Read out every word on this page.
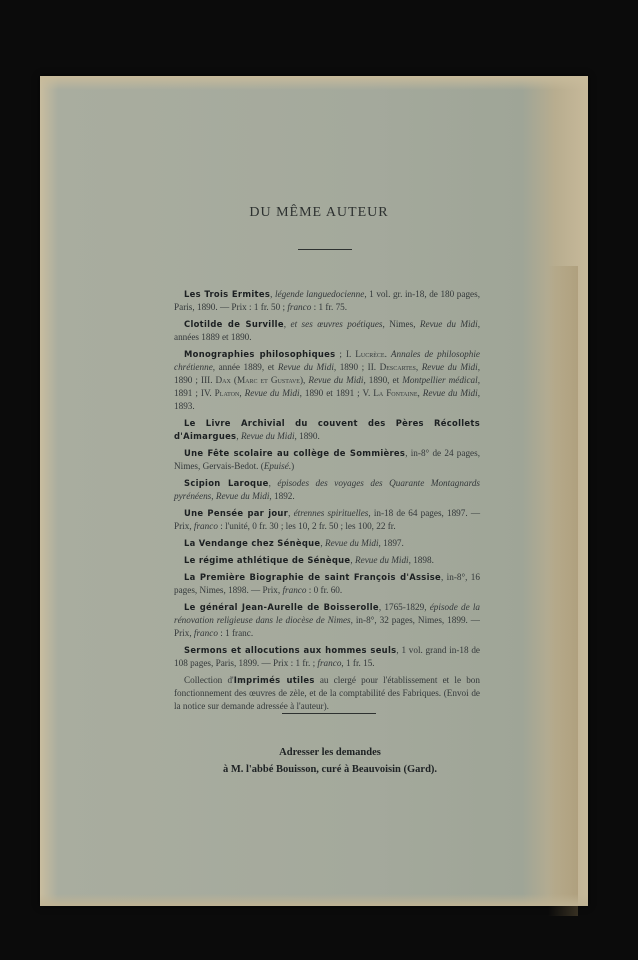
DU MÊME AUTEUR

Les Trois Ermites, légende languedocienne, 1 vol. gr. in-18, de 180 pages, Paris, 1890. — Prix : 1 fr. 50 ; franco : 1 fr. 75.

Clotilde de Surville, et ses œuvres poétiques, Nimes, Revue du Midi, années 1889 et 1890.

Monographies philosophiques ; I. Lucrèce. Annales de philosophie chrétienne, année 1889, et Revue du Midi, 1890 ; II. Descartes, Revue du Midi, 1890 ; III. Dax (Marc et Gustave), Revue du Midi, 1890, et Montpellier médical, 1891 ; IV. Platon, Revue du Midi, 1890 et 1891 ; V. La Fontaine, Revue du Midi, 1893.

Le Livre Archivial du couvent des Pères Récollets d'Aimargues, Revue du Midi, 1890.

Une Fête scolaire au collège de Sommières, in-8° de 24 pages, Nimes, Gervais-Bedot. (Epuisé.)

Scipion Laroque, épisodes des voyages des Quarante Montagnards pyrénéens, Revue du Midi, 1892.

Une Pensée par jour, étrennes spirituelles, in-18 de 64 pages, 1897. — Prix, franco : l'unité, 0 fr. 30 ; les 10, 2 fr. 50 ; les 100, 22 fr.

La Vendange chez Sénèque, Revue du Midi, 1897.

Le régime athlétique de Sénèque, Revue du Midi, 1898.

La Première Biographie de saint François d'Assise, in-8°, 16 pages, Nimes, 1898. — Prix, franco : 0 fr. 60.

Le général Jean-Aurelle de Boisserolle, 1765-1829, épisode de la rénovation religieuse dans le diocèse de Nimes, in-8°, 32 pages, Nimes, 1899. — Prix, franco : 1 franc.

Sermons et allocutions aux hommes seuls, 1 vol. grand in-18 de 108 pages, Paris, 1899. — Prix : 1 fr. ; franco, 1 fr. 15.

Collection d'Imprimés utiles au clergé pour l'établissement et le bon fonctionnement des œuvres de zèle, et de la comptabilité des Fabriques. (Envoi de la notice sur demande adressée à l'auteur).

Adresser les demandes
à M. l'abbé Bouisson, curé à Beauvoisin (Gard).
